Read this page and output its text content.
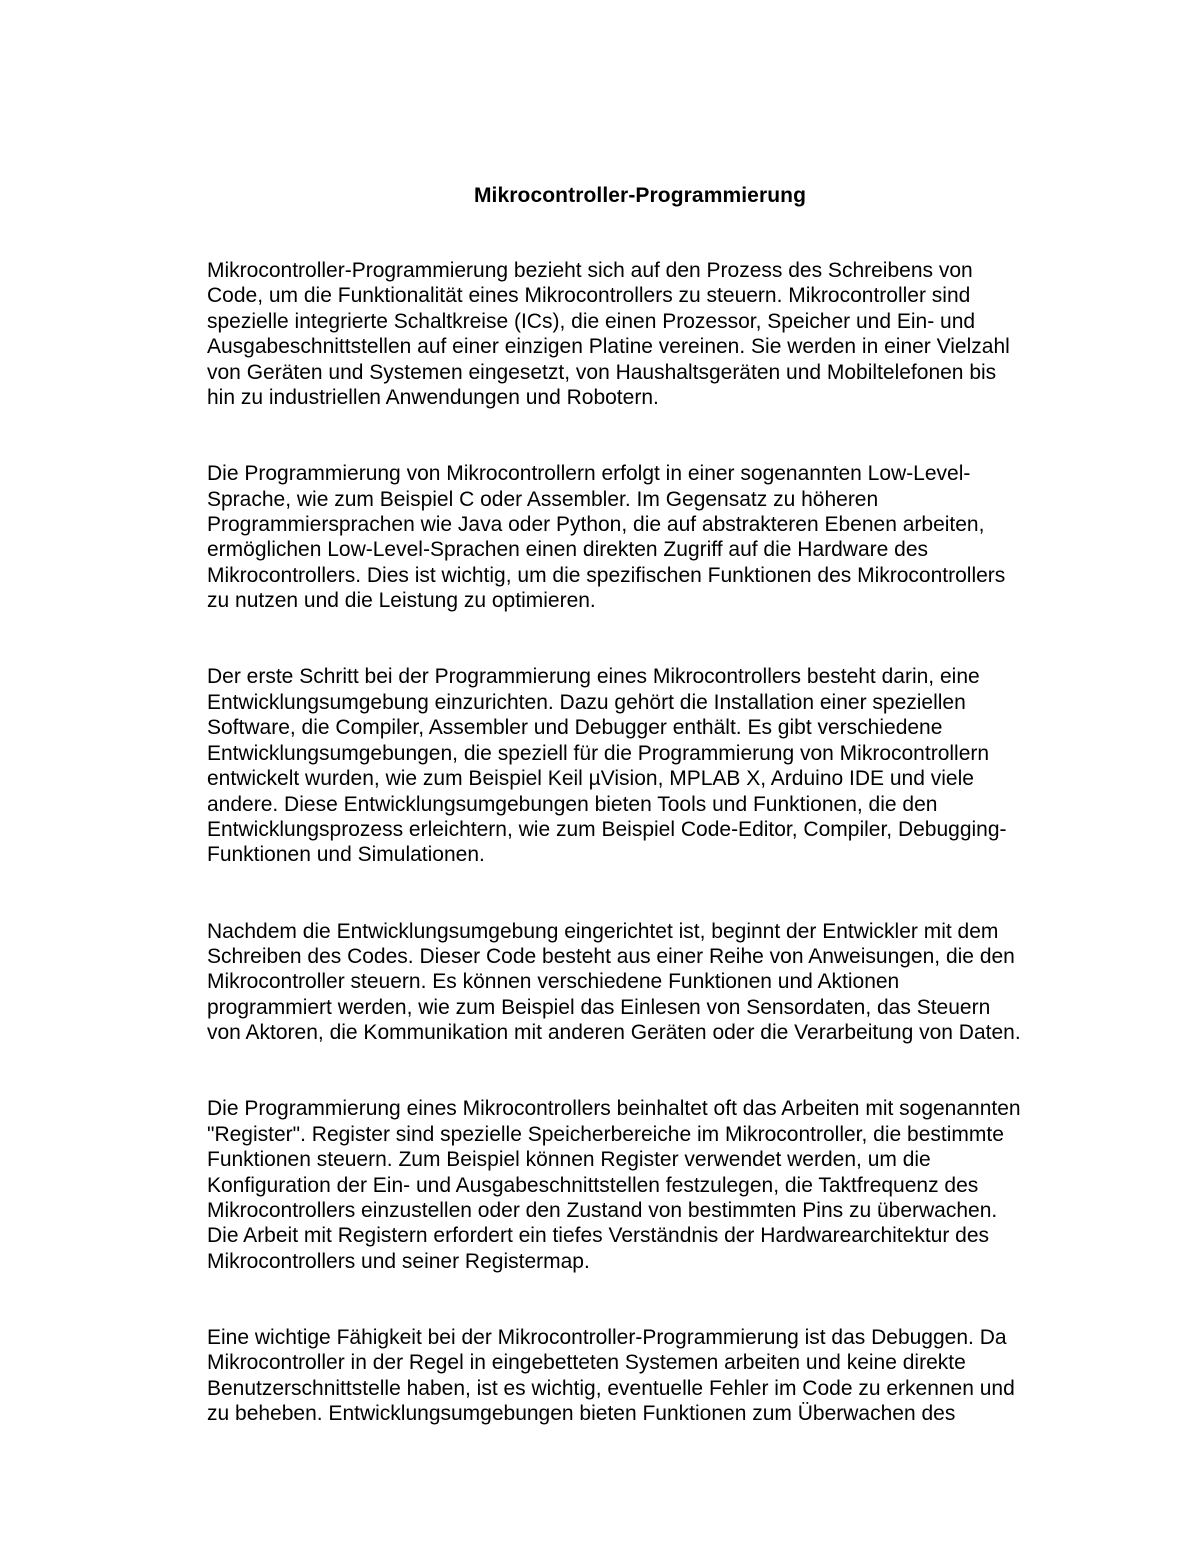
Mikrocontroller-Programmierung

Mikrocontroller-Programmierung bezieht sich auf den Prozess des Schreibens von
Code, um die Funktionalität eines Mikrocontrollers zu steuern. Mikrocontroller sind
spezielle integrierte Schaltkreise (ICs), die einen Prozessor, Speicher und Ein- und
Ausgabeschnittstellen auf einer einzigen Platine vereinen. Sie werden in einer Vielzahl
von Geräten und Systemen eingesetzt, von Haushaltsgeräten und Mobiltelefonen bis
hin zu industriellen Anwendungen und Robotern.

Die Programmierung von Mikrocontrollern erfolgt in einer sogenannten Low-Level-
Sprache, wie zum Beispiel C oder Assembler. Im Gegensatz zu höheren
Programmiersprachen wie Java oder Python, die auf abstrakteren Ebenen arbeiten,
ermöglichen Low-Level-Sprachen einen direkten Zugriff auf die Hardware des
Mikrocontrollers. Dies ist wichtig, um die spezifischen Funktionen des Mikrocontrollers
zu nutzen und die Leistung zu optimieren.

Der erste Schritt bei der Programmierung eines Mikrocontrollers besteht darin, eine
Entwicklungsumgebung einzurichten. Dazu gehört die Installation einer speziellen
Software, die Compiler, Assembler und Debugger enthält. Es gibt verschiedene
Entwicklungsumgebungen, die speziell für die Programmierung von Mikrocontrollern
entwickelt wurden, wie zum Beispiel Keil µVision, MPLAB X, Arduino IDE und viele
andere. Diese Entwicklungsumgebungen bieten Tools und Funktionen, die den
Entwicklungsprozess erleichtern, wie zum Beispiel Code-Editor, Compiler, Debugging-
Funktionen und Simulationen.

Nachdem die Entwicklungsumgebung eingerichtet ist, beginnt der Entwickler mit dem
Schreiben des Codes. Dieser Code besteht aus einer Reihe von Anweisungen, die den
Mikrocontroller steuern. Es können verschiedene Funktionen und Aktionen
programmiert werden, wie zum Beispiel das Einlesen von Sensordaten, das Steuern
von Aktoren, die Kommunikation mit anderen Geräten oder die Verarbeitung von Daten.

Die Programmierung eines Mikrocontrollers beinhaltet oft das Arbeiten mit sogenannten
"Register". Register sind spezielle Speicherbereiche im Mikrocontroller, die bestimmte
Funktionen steuern. Zum Beispiel können Register verwendet werden, um die
Konfiguration der Ein- und Ausgabeschnittstellen festzulegen, die Taktfrequenz des
Mikrocontrollers einzustellen oder den Zustand von bestimmten Pins zu überwachen.
Die Arbeit mit Registern erfordert ein tiefes Verständnis der Hardwarearchitektur des
Mikrocontrollers und seiner Registermap.

Eine wichtige Fähigkeit bei der Mikrocontroller-Programmierung ist das Debuggen. Da
Mikrocontroller in der Regel in eingebetteten Systemen arbeiten und keine direkte
Benutzerschnittstelle haben, ist es wichtig, eventuelle Fehler im Code zu erkennen und
zu beheben. Entwicklungsumgebungen bieten Funktionen zum Überwachen des
